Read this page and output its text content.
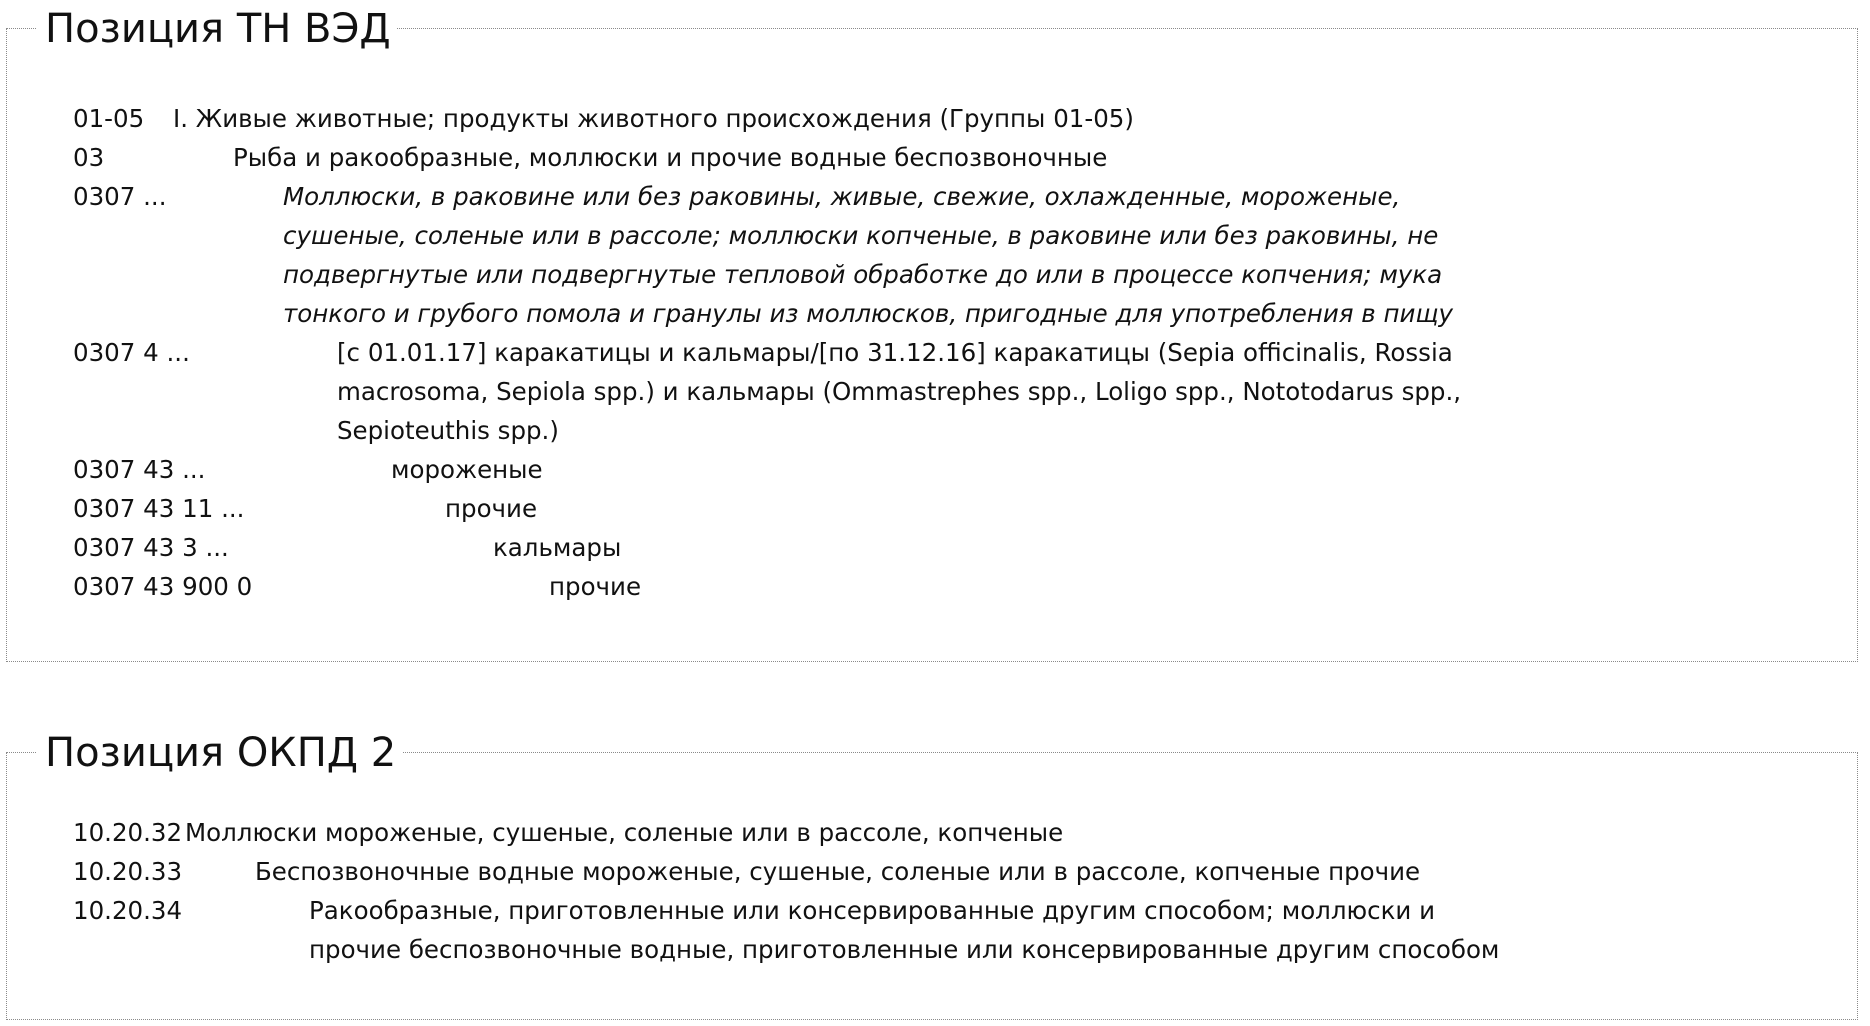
Позиция ТН ВЭД
01-05 I. Живые животные; продукты животного происхождения (Группы 01-05)
03	Рыба и ракообразные, моллюски и прочие водные беспозвоночные
0307 ...	Моллюски, в раковине или без раковины, живые, свежие, охлажденные, мороженые,
сушеные, соленые или в рассоле; моллюски копченые, в раковине или без раковины, не
подвергнутые или подвергнутые тепловой обработке до или в процессе копчения; мука
тонкого и грубого помола и гранулы из моллюсков, пригодные для употребления в пищу
0307 4 ...	[с 01.01.17] каракатицы и кальмары/[по 31.12.16] каракатицы (Sepia officinalis, Rossia
macrosoma, Sepiola spp.) и кальмары (Ommastrephes spp., Loligo spp., Nototodarus spp.,
Sepioteuthis spp.)
0307 43 ...	мороженые
0307 43 11 ...	прочие
0307 43 3 ...	кальмары
0307 43 900 0	прочие
Позиция ОКПД 2
10.20.32 Моллюски мороженые, сушеные, соленые или в рассоле, копченые
10.20.33	Беспозвоночные водные мороженые, сушеные, соленые или в рассоле, копченые прочие
10.20.34	Ракообразные, приготовленные или консервированные другим способом; моллюски и
прочие беспозвоночные водные, приготовленные или консервированные другим способом
